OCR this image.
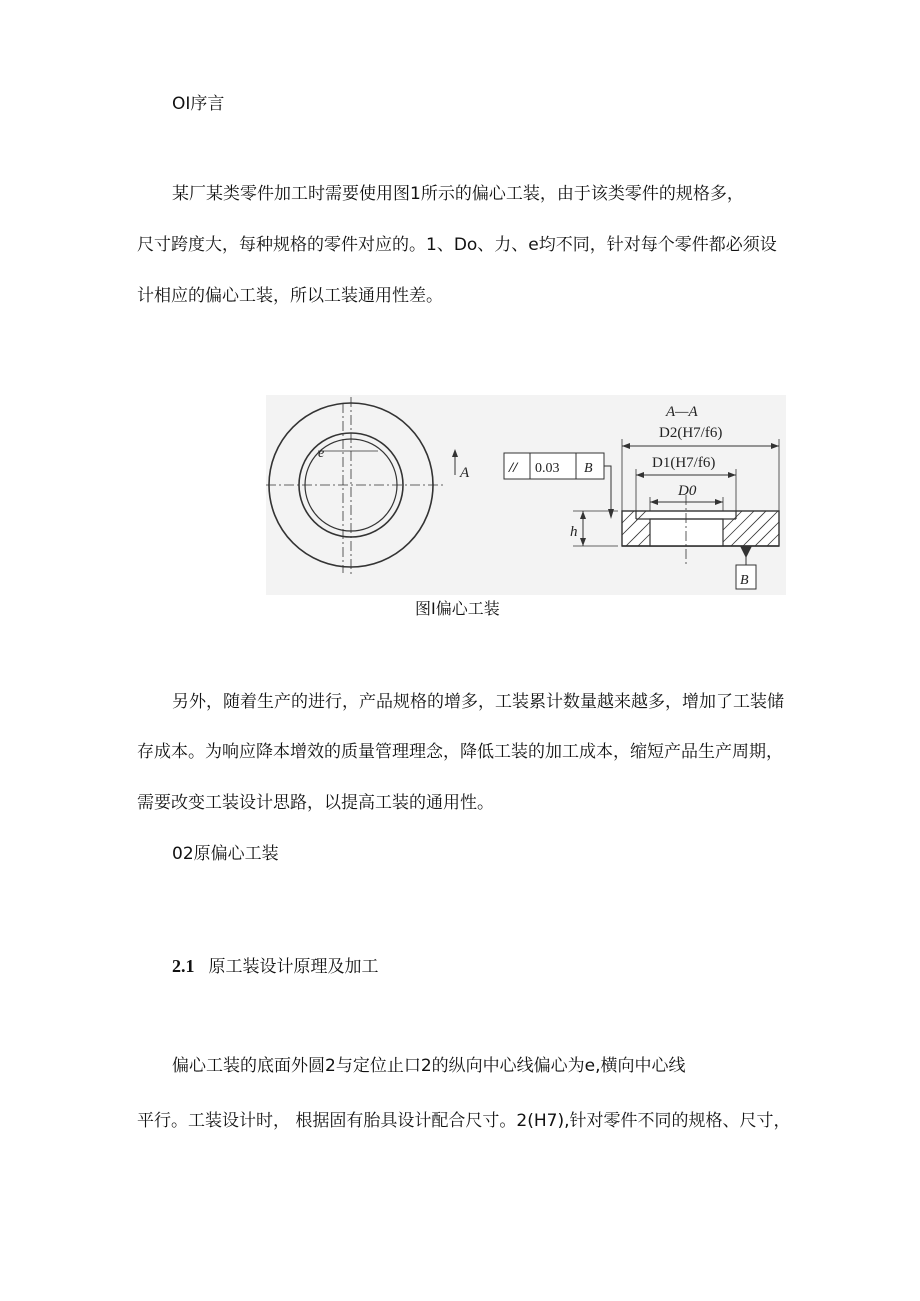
OI序言

某厂某类零件加工时需要使用图1所示的偏心工装，由于该类零件的规格多，

尺寸跨度大，每种规格的零件对应的。1、Do、力、e均不同，针对每个零件都必须设

计相应的偏心工装，所以工装通用性差。

e
A	// 0.03 B
A—A
D2(H7/f6)
D1(H7/f6)
D0
h
B

图I偏心工装

另外，随着生产的进行，产品规格的增多，工装累计数量越来越多，增加了工装储

存成本。为响应降本增效的质量管理理念，降低工装的加工成本，缩短产品生产周期，

需要改变工装设计思路，以提高工装的通用性。

02原偏心工装

2.1 原工装设计原理及加工

偏心工装的底面外圆2与定位止口2的纵向中心线偏心为e,横向中心线

平行。工装设计时， 根据固有胎具设计配合尺寸。2(H7),针对零件不同的规格、尺寸，
